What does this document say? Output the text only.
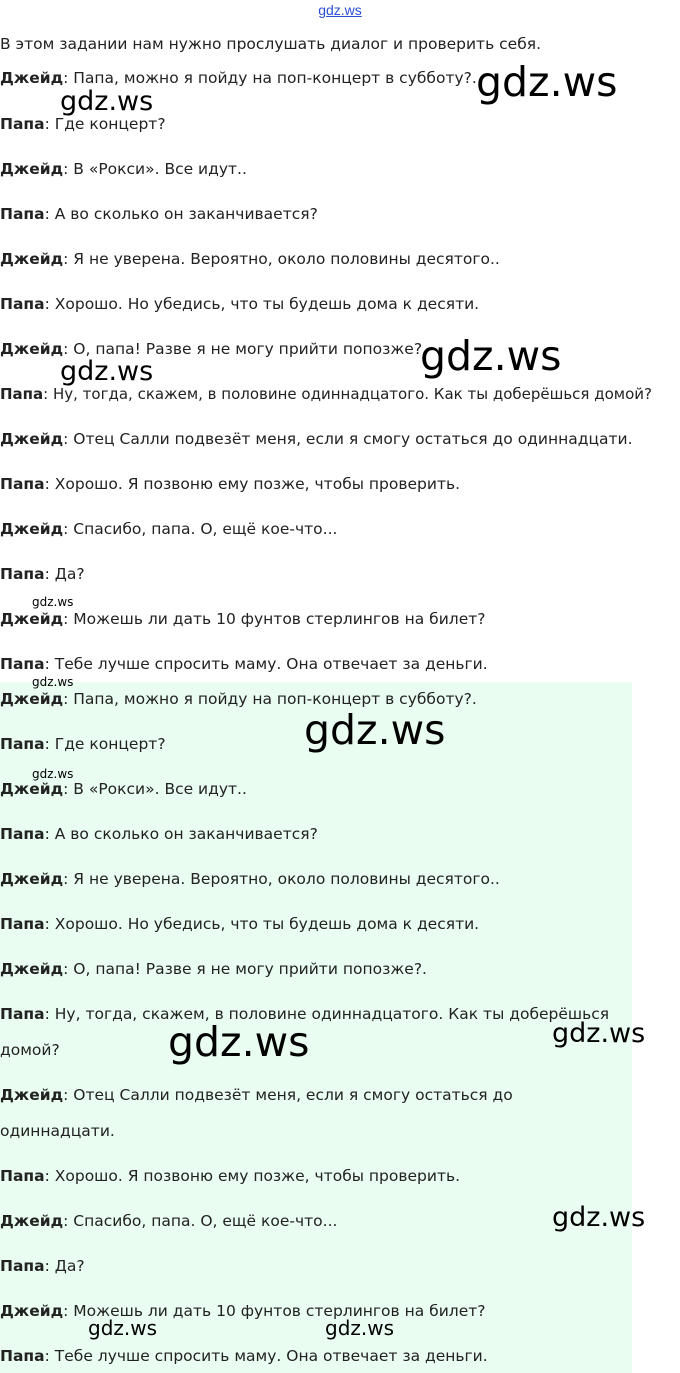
gdz.ws
В этом задании нам нужно прослушать диалог и проверить себя.
Джейд: Папа, можно я пойду на поп-концерт в субботу?.
Папа: Где концерт?
Джейд: В «Рокси». Все идут..
Папа: А во сколько он заканчивается?
Джейд: Я не уверена. Вероятно, около половины десятого..
Папа: Хорошо. Но убедись, что ты будешь дома к десяти.
Джейд: О, папа! Разве я не могу прийти попозже?.
Папа: Ну, тогда, скажем, в половине одиннадцатого. Как ты доберёшься домой?
Джейд: Отец Салли подвезёт меня, если я смогу остаться до одиннадцати.
Папа: Хорошо. Я позвоню ему позже, чтобы проверить.
Джейд: Спасибо, папа. О, ещё кое-что...
Папа: Да?
Джейд: Можешь ли дать 10 фунтов стерлингов на билет?
Папа: Тебе лучше спросить маму. Она отвечает за деньги.
Джейд: Папа, можно я пойду на поп-концерт в субботу?.
Папа: Где концерт?
Джейд: В «Рокси». Все идут..
Папа: А во сколько он заканчивается?
Джейд: Я не уверена. Вероятно, около половины десятого..
Папа: Хорошо. Но убедись, что ты будешь дома к десяти.
Джейд: О, папа! Разве я не могу прийти попозже?.
Папа: Ну, тогда, скажем, в половине одиннадцатого. Как ты доберёшься домой?
Джейд: Отец Салли подвезёт меня, если я смогу остаться до одиннадцати.
Папа: Хорошо. Я позвоню ему позже, чтобы проверить.
Джейд: Спасибо, папа. О, ещё кое-что...
Папа: Да?
Джейд: Можешь ли дать 10 фунтов стерлингов на билет?
Папа: Тебе лучше спросить маму. Она отвечает за деньги.
gdz.ws
gdz.ws
gdz.ws
gdz.ws
gdz.ws
gdz.ws
gdz.ws
gdz.ws
gdz.ws	gdz.ws
gdz.ws
gdz.ws	gdz.ws
